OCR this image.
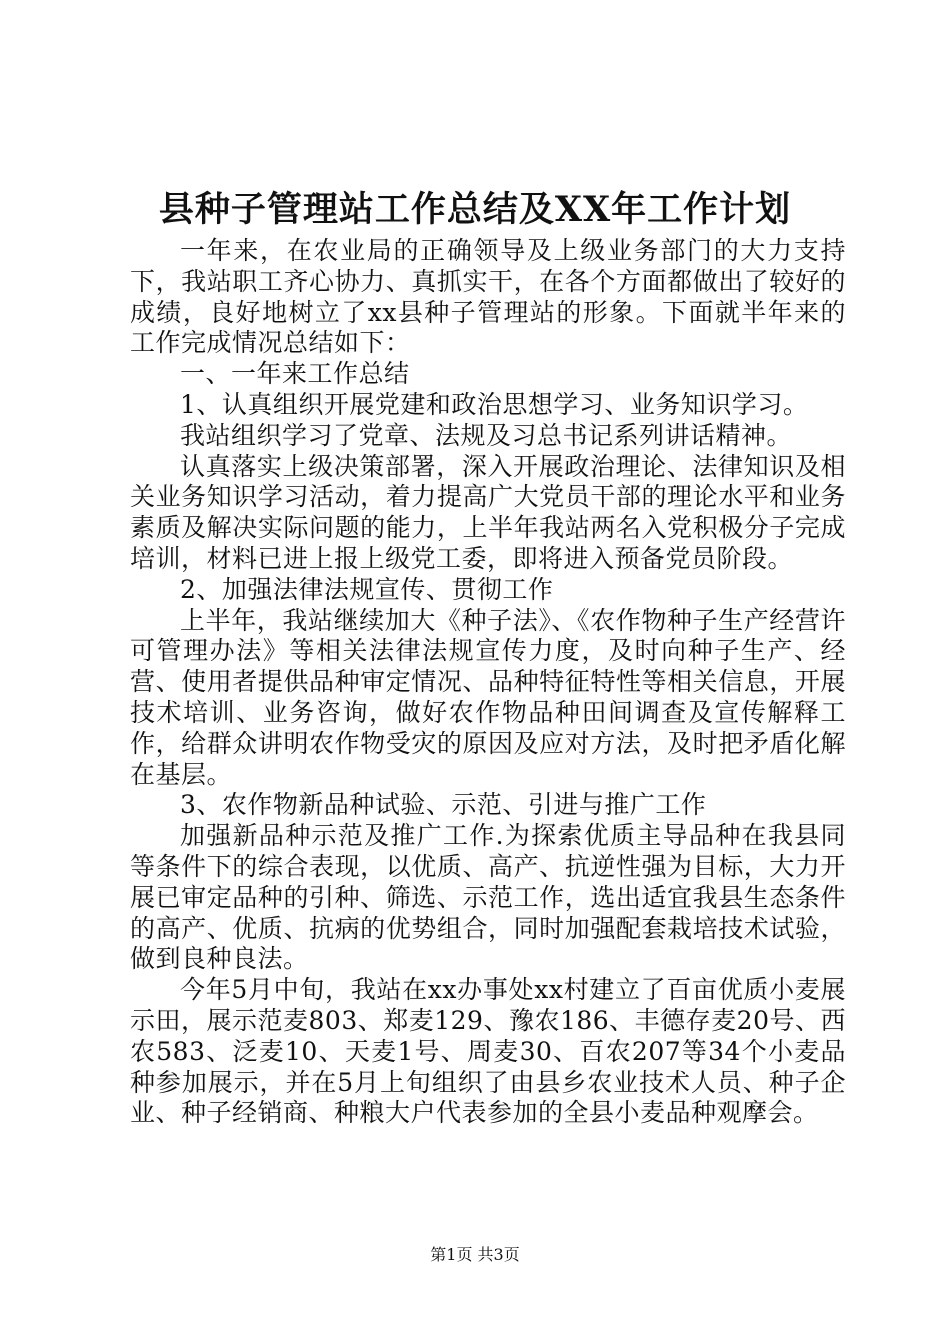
县种子管理站工作总结及XX年工作计划

一年来，在农业局的正确领导及上级业务部门的大力支持下，我站职工齐心协力、真抓实干，在各个方面都做出了较好的成绩，良好地树立了xx县种子管理站的形象。下面就半年来的工作完成情况总结如下：

一、一年来工作总结

1、认真组织开展党建和政治思想学习、业务知识学习。

我站组织学习了党章、法规及习总书记系列讲话精神。

认真落实上级决策部署，深入开展政治理论、法律知识及相关业务知识学习活动，着力提高广大党员干部的理论水平和业务素质及解决实际问题的能力，上半年我站两名入党积极分子完成培训，材料已进上报上级党工委，即将进入预备党员阶段。

2、加强法律法规宣传、贯彻工作

上半年，我站继续加大《种子法》、《农作物种子生产经营许可管理办法》等相关法律法规宣传力度，及时向种子生产、经营、使用者提供品种审定情况、品种特征特性等相关信息，开展技术培训、业务咨询，做好农作物品种田间调查及宣传解释工作，给群众讲明农作物受灾的原因及应对方法，及时把矛盾化解在基层。

3、农作物新品种试验、示范、引进与推广工作

加强新品种示范及推广工作.为探索优质主导品种在我县同等条件下的综合表现，以优质、高产、抗逆性强为目标，大力开展已审定品种的引种、筛选、示范工作，选出适宜我县生态条件的高产、优质、抗病的优势组合，同时加强配套栽培技术试验，做到良种良法。

今年5月中旬，我站在xx办事处xx村建立了百亩优质小麦展示田，展示范麦803、郑麦129、豫农186、丰德存麦20号、西农583、泛麦10、天麦1号、周麦30、百农207等34个小麦品种参加展示，并在5月上旬组织了由县乡农业技术人员、种子企业、种子经销商、种粮大户代表参加的全县小麦品种观摩会。

第1页 共3页
